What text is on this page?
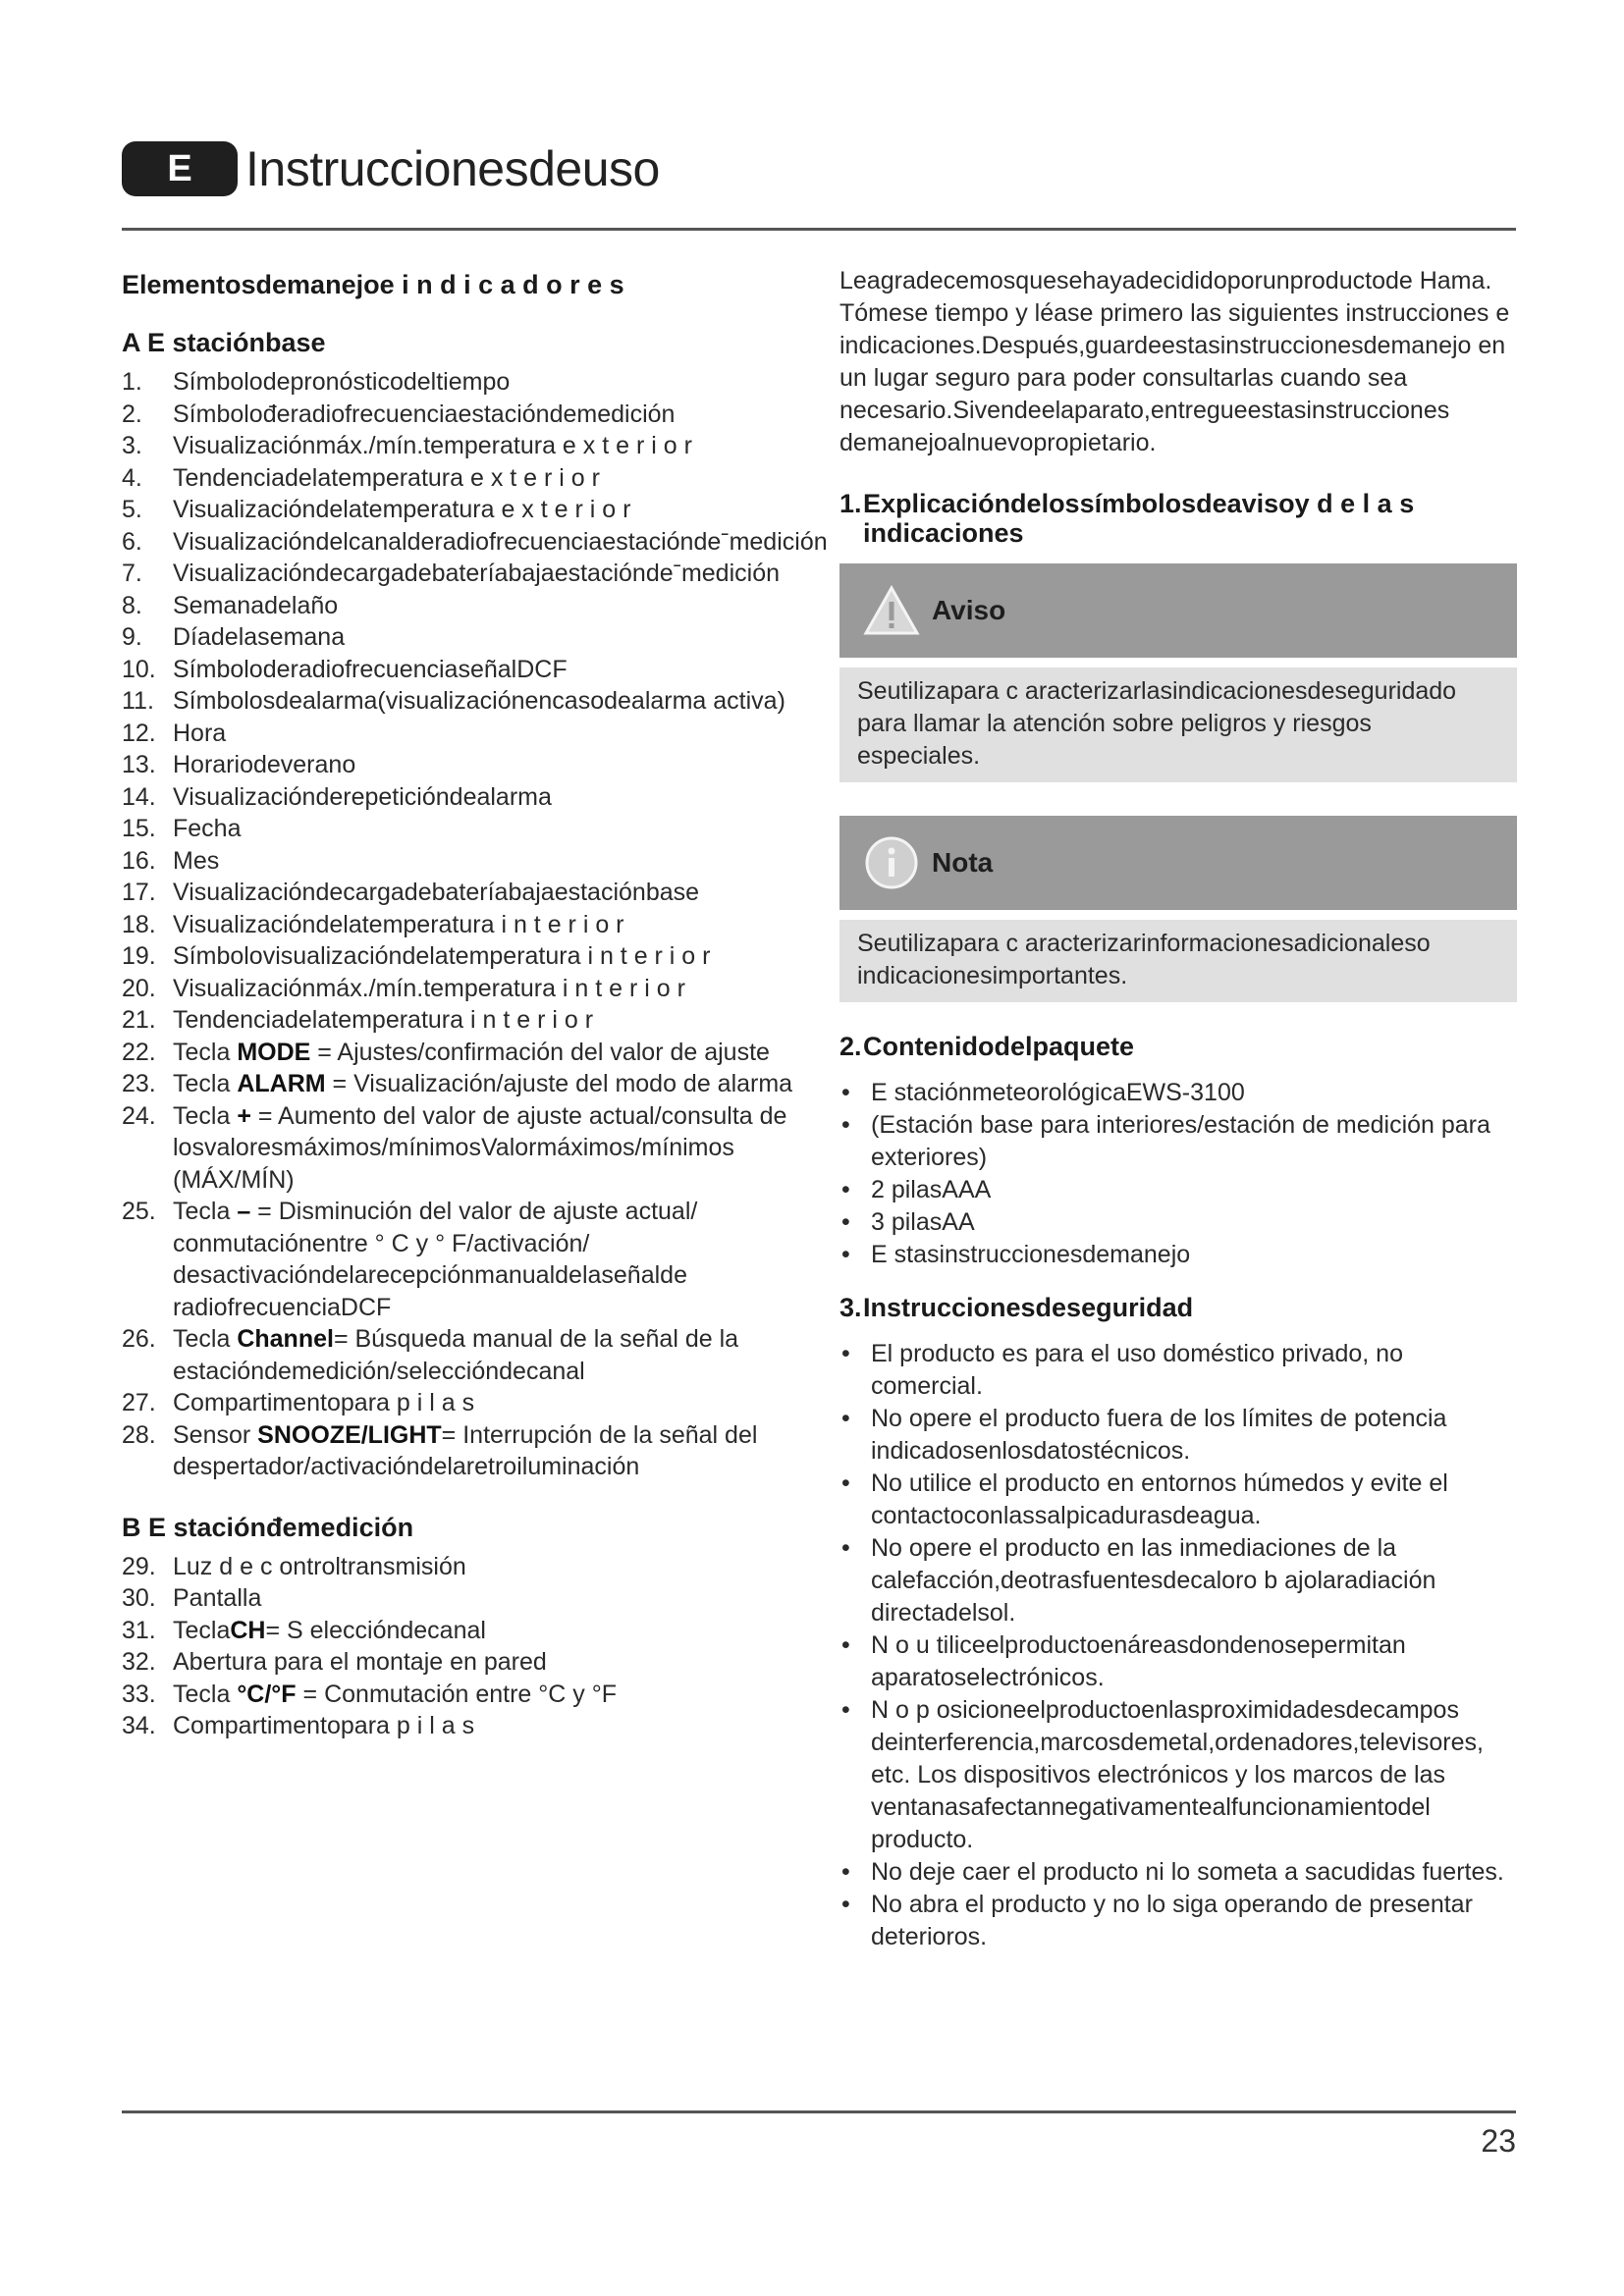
E	Instruccionesdeuso
Elementosdemanejoe i n d i c a d o r e s
A E staciónbase
1.	Símbolodepronósticodeltiempo
2.	Símbolođeradiofrecuenciaestacióndemedición
3.	Visualizaciónmáx./mín.temperatura e x t e r i o r
4.	Tendenciadelatemperatura e x t e r i o r
5.	Visualizacióndelatemperatura e x t e r i o r
6.	Visualizacióndelcanalderadiofrecuenciaestacióndeˉmedición
7.	Visualizacióndecargadebateríabajaestacióndeˉmedición
8.	Semanadelaño
9.	Díadelasemana
10. SímboloderadiofrecuenciaseñalDCF
11. Símbolosdealarma(visualizaciónencasodealarma activa)
12. Hora
13. Horariodeverano
14. Visualizaciónderepeticióndealarma
15. Fecha
16. Mes
17. Visualizacióndecargadebateríabajaestaciónbase
18. Visualizacióndelatemperatura i n t e r i o r
19. Símbolovisualizacióndelatemperatura i n t e r i o r
20. Visualizaciónmáx./mín.temperatura i n t e r i o r
21. Tendenciadelatemperatura i n t e r i o r
22. Tecla MODE = Ajustes/confirmación del valor de ajuste
23. Tecla ALARM = Visualización/ajuste del modo de alarma
24. Tecla + = Aumento del valor de ajuste actual/consulta de losvaloresmáximos/mínimosValormáximos/mínimos (MÁX/MÍN)
25. Tecla – = Disminución del valor de ajuste actual/ conmutaciónentre ° C y ° F/activación/ desactivacióndelarecepciónmanualdelaseñalde radiofrecuenciaDCF
26. Tecla Channel= Búsqueda manual de la señal de la estacióndemedición/seleccióndecanal
27. Compartimentopara p i l a s
28. Sensor SNOOZE/LIGHT= Interrupción de la señal del despertador/activacióndelaretroiluminación
B E staciónđemedición
29. Luz d e c ontroltransmisión
30. Pantalla
31. TeclaCH= S eleccióndecanal
32. Abertura para el montaje en pared
33. Tecla °C/°F = Conmutación entre °C y °F
34. Compartimentopara p i l a s

Leagradecemosquesehayadecididoporunproductode Hama. Tómese tiempo y léase primero las siguientes instrucciones e indicaciones.Después,guardeestasinstruccionesdemanejo en un lugar seguro para poder consultarlas cuando sea necesario.Sivendeelaparato,entregueestasinstrucciones demanejoalnuevopropietario.

1. Explicacióndelossímbolosdeavisoy d e l a s indicaciones
Aviso
Seutilizapara c aracterizarlasindicacionesdeseguridado para llamar la atención sobre peligros y riesgos especiales.
Nota
Seutilizapara c aracterizarinformacionesadicionaleso indicacionesimportantes.
2. Contenidodelpaquete
• E staciónmeteorológicaEWS-3100
• (Estación base para interiores/estación de medición para exteriores)
• 2 pilasAAA
• 3 pilasAA
• E stasinstruccionesdemanejo
3. Instruccionesdeseguridad
• El producto es para el uso doméstico privado, no comercial.
• No opere el producto fuera de los límites de potencia indicadosenlosdatostécnicos.
• No utilice el producto en entornos húmedos y evite el contactoconlassalpicadurasdeagua.
• No opere el producto en las inmediaciones de la calefacción,deotrasfuentesdecaloro b ajolaradiación directadelsol.
• N o u tiliceelproductoenáreasdondenosepermitan aparatoselectrónicos.
• N o p osicioneelproductoenlasproximidadesdecampos deinterferencia,marcosdemetal,ordenadores,televisores, etc. Los dispositivos electrónicos y los marcos de las ventanasafectannegativamentealfuncionamientodel producto.
• No deje caer el producto ni lo someta a sacudidas fuertes.
• No abra el producto y no lo siga operando de presentar deterioros.
23
